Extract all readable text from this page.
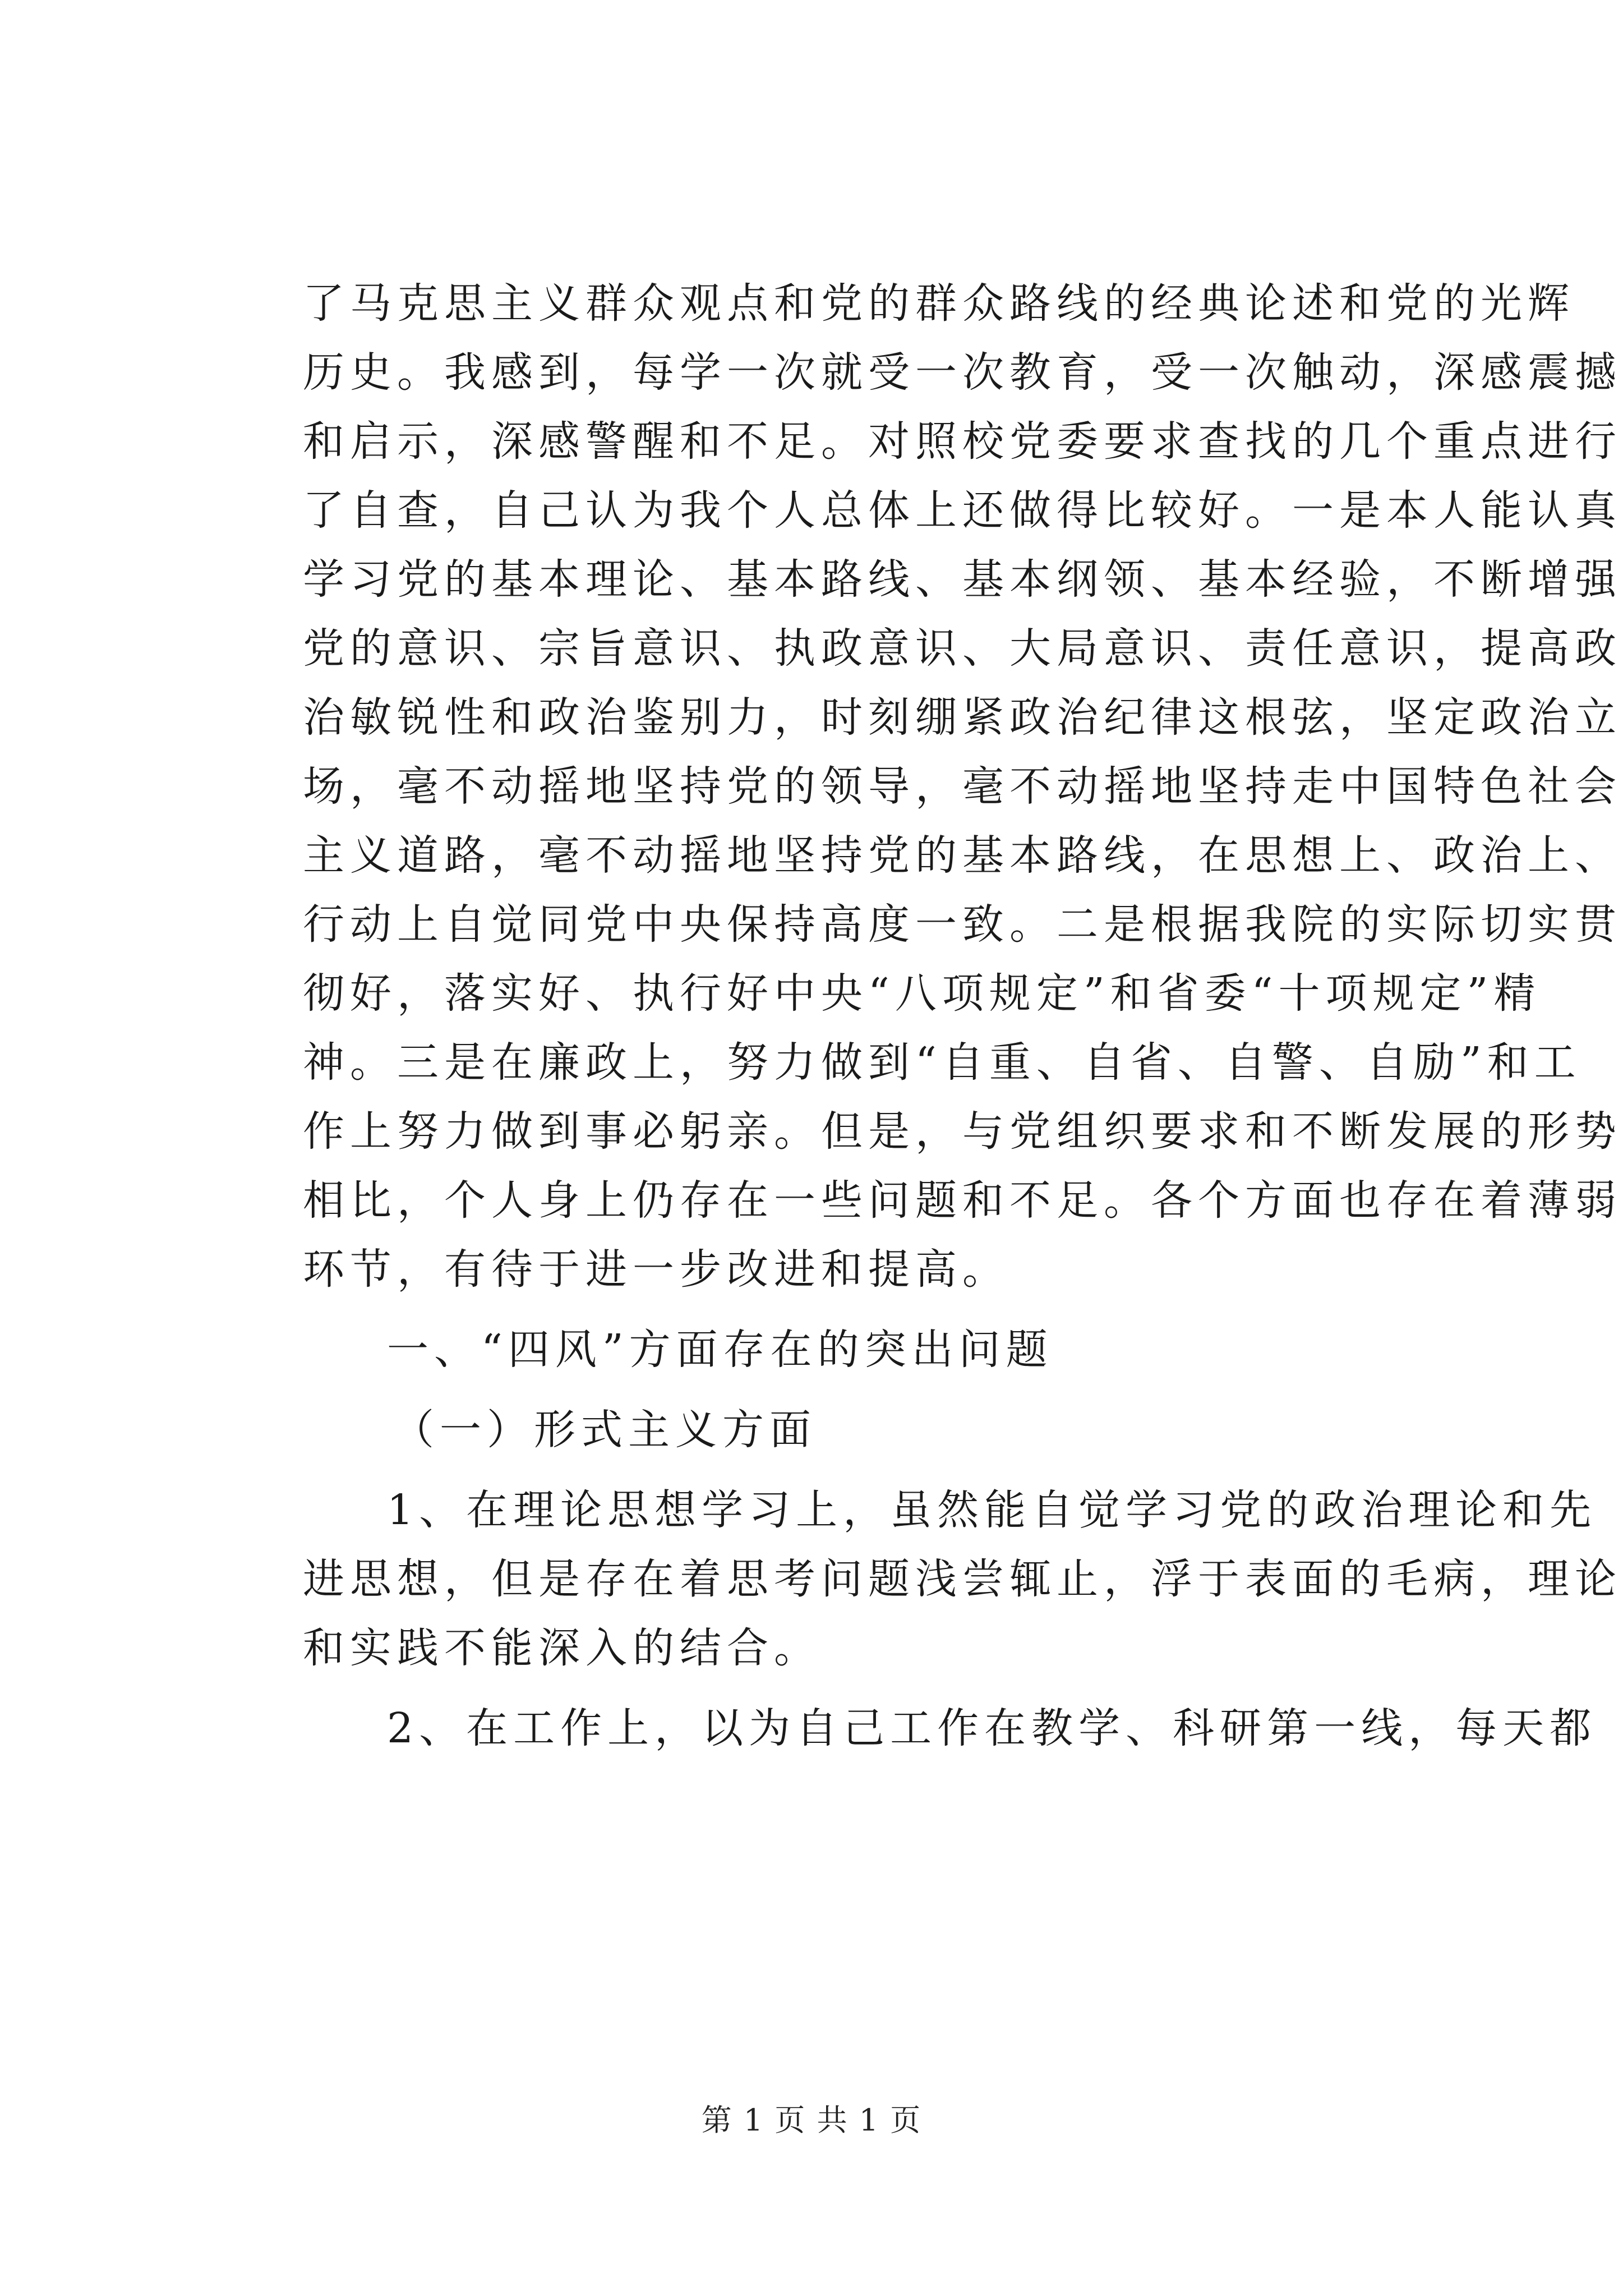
了马克思主义群众观点和党的群众路线的经典论述和党的光辉
历史。我感到，每学一次就受一次教育，受一次触动，深感震撼
和启示，深感警醒和不足。对照校党委要求查找的几个重点进行
了自查，自己认为我个人总体上还做得比较好。一是本人能认真
学习党的基本理论、基本路线、基本纲领、基本经验，不断增强
党的意识、宗旨意识、执政意识、大局意识、责任意识，提高政
治敏锐性和政治鉴别力，时刻绷紧政治纪律这根弦，坚定政治立
场，毫不动摇地坚持党的领导，毫不动摇地坚持走中国特色社会
主义道路，毫不动摇地坚持党的基本路线，在思想上、政治上、
行动上自觉同党中央保持高度一致。二是根据我院的实际切实贯
彻好，落实好、执行好中央“八项规定”和省委“十项规定”精
神。三是在廉政上，努力做到“自重、自省、自警、自励”和工
作上努力做到事必躬亲。但是，与党组织要求和不断发展的形势
相比，个人身上仍存在一些问题和不足。各个方面也存在着薄弱
环节，有待于进一步改进和提高。
一、“四风”方面存在的突出问题
（一）形式主义方面
1、在理论思想学习上，虽然能自觉学习党的政治理论和先
进思想，但是存在着思考问题浅尝辄止，浮于表面的毛病，理论
和实践不能深入的结合。
2、在工作上，以为自己工作在教学、科研第一线，每天都
第 1 页 共 1 页
